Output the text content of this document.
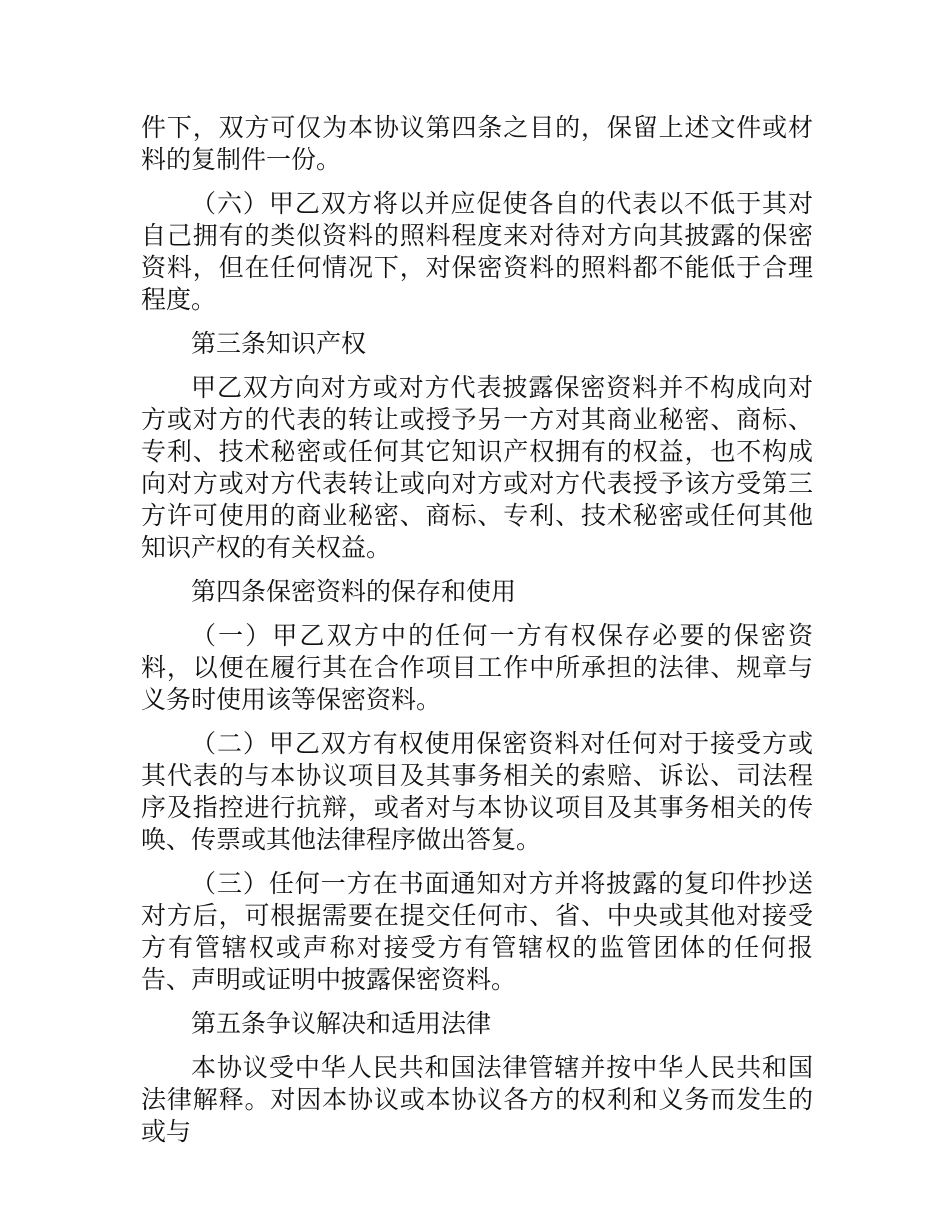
件下，双方可仅为本协议第四条之目的，保留上述文件或材料的复制件一份。

（六）甲乙双方将以并应促使各自的代表以不低于其对自己拥有的类似资料的照料程度来对待对方向其披露的保密资料，但在任何情况下，对保密资料的照料都不能低于合理程度。

第三条知识产权

甲乙双方向对方或对方代表披露保密资料并不构成向对方或对方的代表的转让或授予另一方对其商业秘密、商标、专利、技术秘密或任何其它知识产权拥有的权益，也不构成向对方或对方代表转让或向对方或对方代表授予该方受第三方许可使用的商业秘密、商标、专利、技术秘密或任何其他知识产权的有关权益。

第四条保密资料的保存和使用

（一）甲乙双方中的任何一方有权保存必要的保密资料，以便在履行其在合作项目工作中所承担的法律、规章与义务时使用该等保密资料。

（二）甲乙双方有权使用保密资料对任何对于接受方或其代表的与本协议项目及其事务相关的索赔、诉讼、司法程序及指控进行抗辩，或者对与本协议项目及其事务相关的传唤、传票或其他法律程序做出答复。

（三）任何一方在书面通知对方并将披露的复印件抄送对方后，可根据需要在提交任何市、省、中央或其他对接受方有管辖权或声称对接受方有管辖权的监管团体的任何报告、声明或证明中披露保密资料。

第五条争议解决和适用法律

本协议受中华人民共和国法律管辖并按中华人民共和国法律解释。对因本协议或本协议各方的权利和义务而发生的或与
